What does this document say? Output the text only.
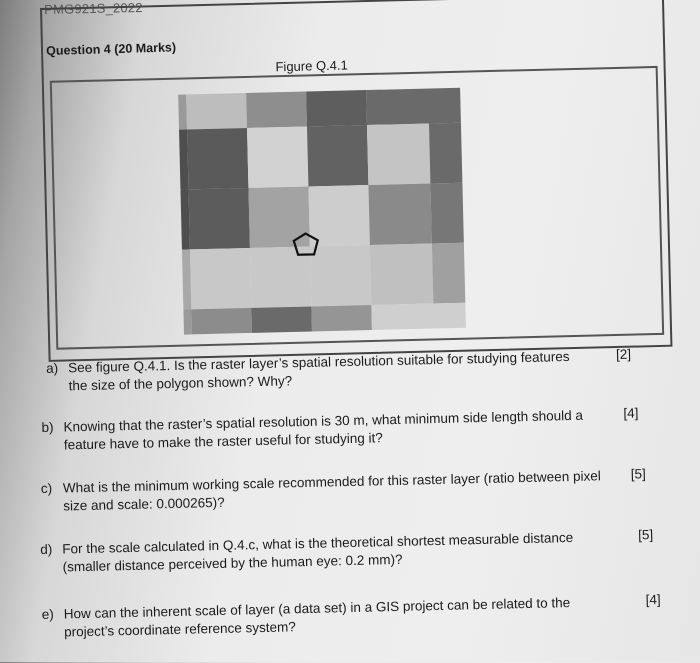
PMG921S_2022
Figure Q.4.1
Question 4 (20 Marks)
a) See figure Q.4.1. Is the raster layer’s spatial resolution suitable for studying features the size of the polygon shown? Why?
[2]
b) Knowing that the raster’s spatial resolution is 30 m, what minimum side length should a feature have to make the raster useful for studying it?
[4]
c) What is the minimum working scale recommended for this raster layer (ratio between pixel size and scale: 0.000265)?
[5]
d) For the scale calculated in Q.4.c, what is the theoretical shortest measurable distance (smaller distance perceived by the human eye: 0.2 mm)?
[5]
e) How can the inherent scale of layer (a data set) in a GIS project can be related to the project’s coordinate reference system?
[4]
